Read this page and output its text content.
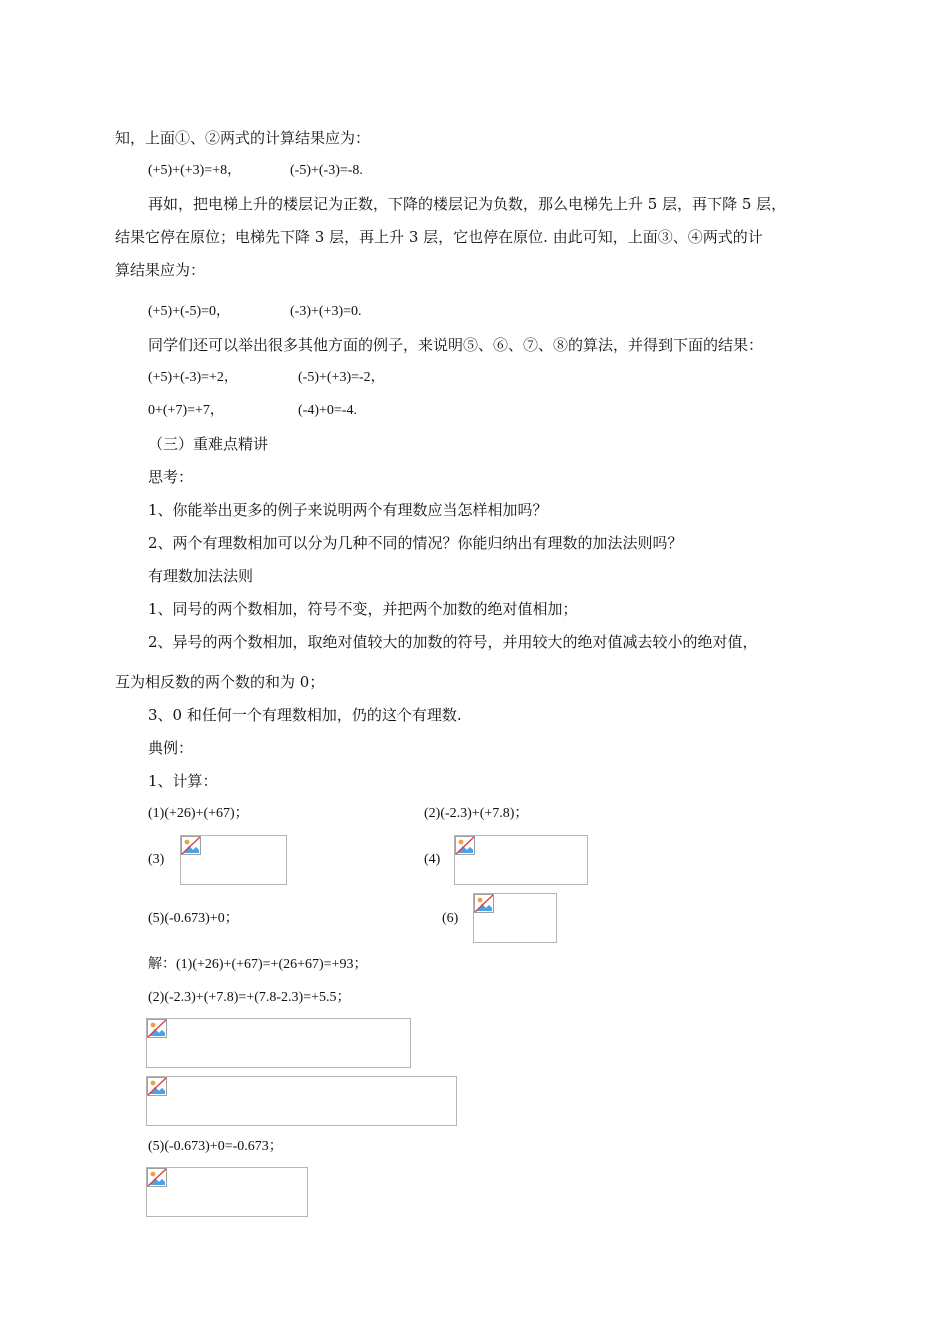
知，上面①、②两式的计算结果应为：
(+5)+(+3)=+8，	(-5)+(-3)=-8.
再如，把电梯上升的楼层记为正数，下降的楼层记为负数，那么电梯先上升 5 层，再下降 5 层，
结果它停在原位；电梯先下降 3 层，再上升 3 层，它也停在原位. 由此可知，上面③、④两式的计
算结果应为：
(+5)+(-5)=0，	(-3)+(+3)=0.
同学们还可以举出很多其他方面的例子，来说明⑤、⑥、⑦、⑧的算法，并得到下面的结果：
(+5)+(-3)=+2，	(-5)+(+3)=-2，
0+(+7)=+7，	(-4)+0=-4.
（三）重难点精讲
思考：
1、你能举出更多的例子来说明两个有理数应当怎样相加吗？
2、两个有理数相加可以分为几种不同的情况？你能归纳出有理数的加法法则吗？
有理数加法法则
1、同号的两个数相加，符号不变，并把两个加数的绝对值相加；
2、异号的两个数相加，取绝对值较大的加数的符号，并用较大的绝对值减去较小的绝对值，
互为相反数的两个数的和为 0；
3、0 和任何一个有理数相加，仍的这个有理数.
典例：
1、计算：
(1)(+26)+(+67)；	(2)(-2.3)+(+7.8)；
(3)	(4)
(5)(-0.673)+0；	(6)
解：(1)(+26)+(+67)=+(26+67)=+93；
(2)(-2.3)+(+7.8)=+(7.8-2.3)=+5.5；
(5)(-0.673)+0=-0.673；
